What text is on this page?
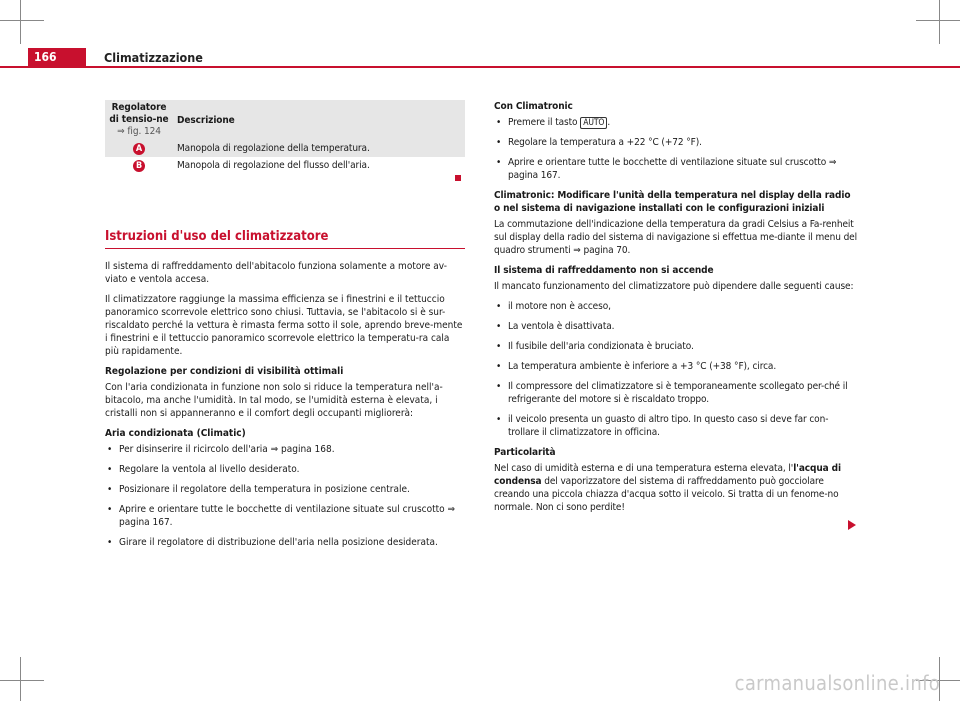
166	Climatizzazione
Regolatore di tensio-ne
⇒ fig. 124	Descrizione
A	Manopola di regolazione della temperatura.
B	Manopola di regolazione del flusso dell'aria.
Istruzioni d'uso del climatizzatore

Il sistema di raffreddamento dell'abitacolo funziona solamente a motore av-viato e ventola accesa.

Il climatizzatore raggiunge la massima efficienza se i finestrini e il tettuccio panoramico scorrevole elettrico sono chiusi. Tuttavia, se l'abitacolo si è sur-riscaldato perché la vettura è rimasta ferma sotto il sole, aprendo breve-mente i finestrini e il tettuccio panoramico scorrevole elettrico la temperatu-ra cala più rapidamente.

Regolazione per condizioni di visibilità ottimali

Con l'aria condizionata in funzione non solo si riduce la temperatura nell'a-bitacolo, ma anche l'umidità. In tal modo, se l'umidità esterna è elevata, i cristalli non si appanneranno e il comfort degli occupanti migliorerà:

Aria condizionata (Climatic)
• Per disinserire il ricircolo dell'aria ⇒ pagina 168.
• Regolare la ventola al livello desiderato.
• Posizionare il regolatore della temperatura in posizione centrale.
• Aprire e orientare tutte le bocchette di ventilazione situate sul cruscotto ⇒ pagina 167.
• Girare il regolatore di distribuzione dell'aria nella posizione desiderata.
Con Climatronic
• Premere il tasto AUTO .
• Regolare la temperatura a +22 °C (+72 °F).
• Aprire e orientare tutte le bocchette di ventilazione situate sul cruscotto ⇒ pagina 167.
Climatronic: Modificare l'unità della temperatura nel display della radio o nel sistema di navigazione installati con le configurazioni iniziali

La commutazione dell'indicazione della temperatura da gradi Celsius a Fa-renheit sul display della radio del sistema di navigazione si effettua me-diante il menu del quadro strumenti ⇒ pagina 70.

Il sistema di raffreddamento non si accende

Il mancato funzionamento del climatizzatore può dipendere dalle seguenti cause:

• il motore non è acceso,
• La ventola è disattivata.
• Il fusibile dell'aria condizionata è bruciato.
• La temperatura ambiente è inferiore a +3 °C (+38 °F), circa.
• Il compressore del climatizzatore si è temporaneamente scollegato per-ché il refrigerante del motore si è riscaldato troppo.
• il veicolo presenta un guasto di altro tipo. In questo caso si deve far con-trollare il climatizzatore in officina.
Particolarità

Nel caso di umidità esterna e di una temperatura esterna elevata, l'l'acqua di condensa del vaporizzatore del sistema di raffreddamento può gocciolare creando una piccola chiazza d'acqua sotto il veicolo. Si tratta di un fenome-no normale. Non ci sono perdite!

carmanualsonline.info
